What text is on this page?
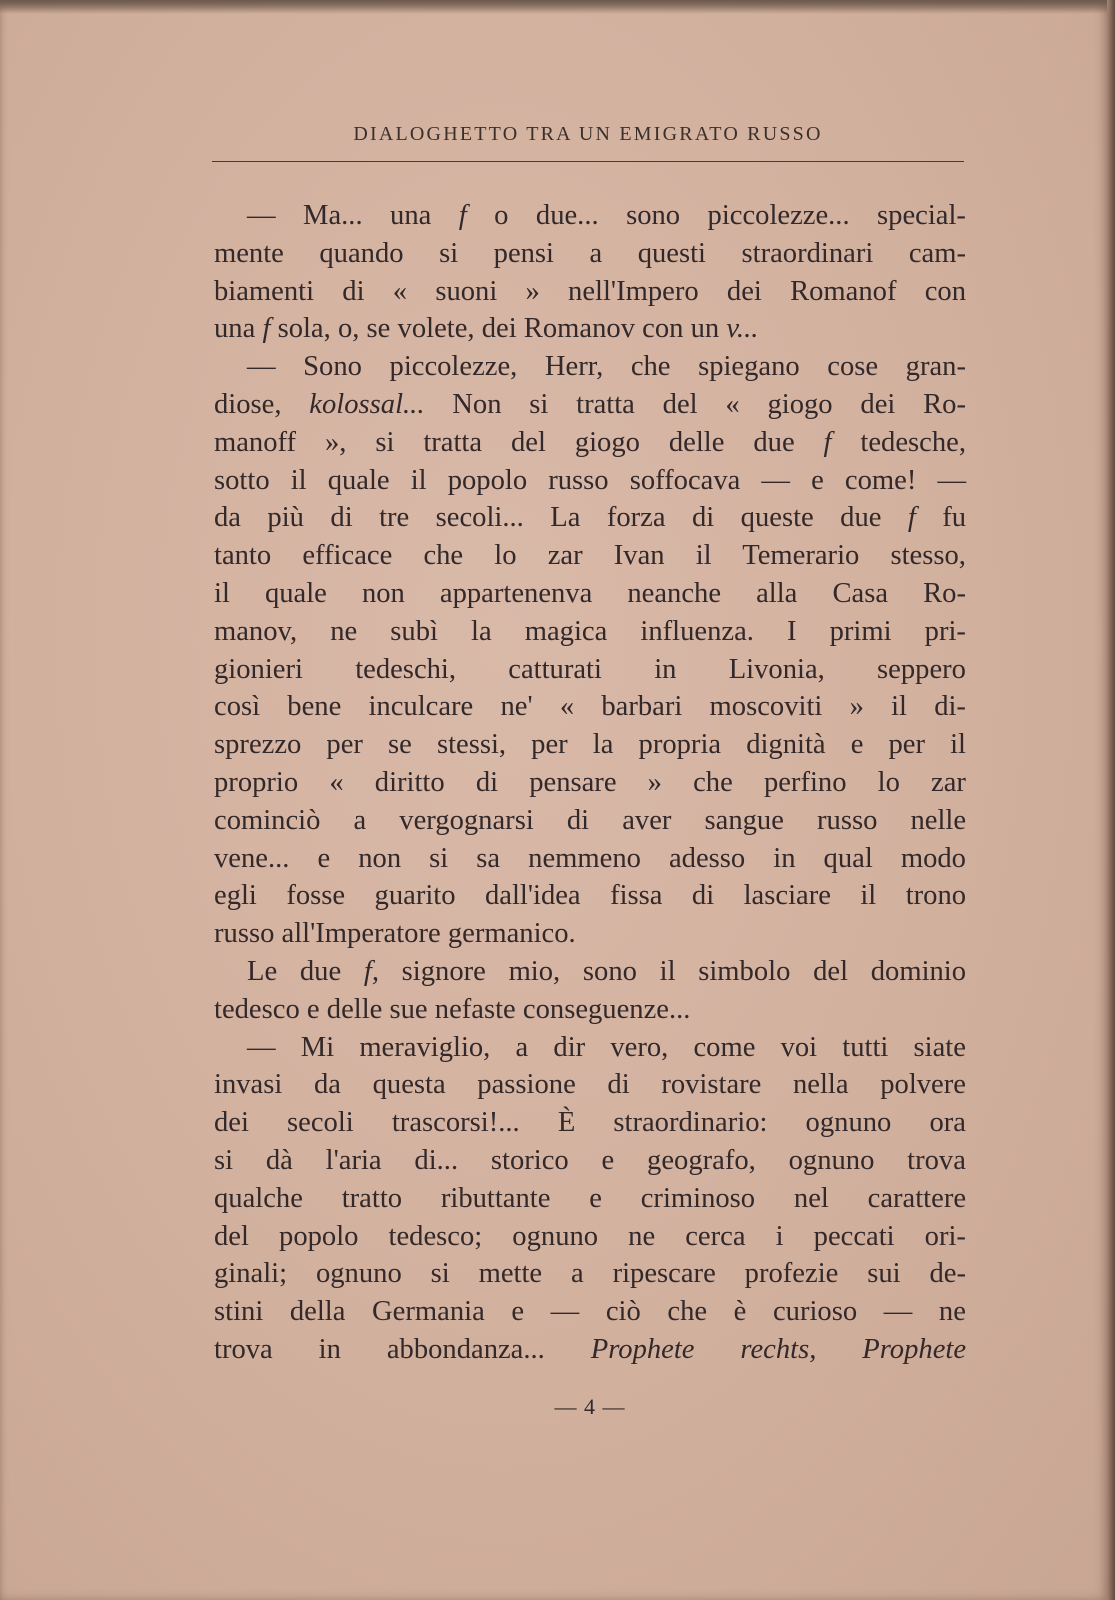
DIALOGHETTO TRA UN EMIGRATO RUSSO
— Ma... una f o due... sono piccolezze... special-
mente quando si pensi a questi straordinari cam-
biamenti di « suoni » nell'Impero dei Romanof con
una f sola, o, se volete, dei Romanov con un v...
— Sono piccolezze, Herr, che spiegano cose gran-
diose, kolossal... Non si tratta del « giogo dei Ro-
manoff », si tratta del giogo delle due f tedesche,
sotto il quale il popolo russo soffocava — e come! —
da più di tre secoli... La forza di queste due f fu
tanto efficace che lo zar Ivan il Temerario stesso,
il quale non appartenenva neanche alla Casa Ro-
manov, ne subì la magica influenza. I primi pri-
gionieri tedeschi, catturati in Livonia, seppero
così bene inculcare ne' « barbari moscoviti » il di-
sprezzo per se stessi, per la propria dignità e per il
proprio « diritto di pensare » che perfino lo zar
cominciò a vergognarsi di aver sangue russo nelle
vene... e non si sa nemmeno adesso in qual modo
egli fosse guarito dall'idea fissa di lasciare il trono
russo all'Imperatore germanico.
Le due f, signore mio, sono il simbolo del dominio
tedesco e delle sue nefaste conseguenze...
— Mi meraviglio, a dir vero, come voi tutti siate
invasi da questa passione di rovistare nella polvere
dei secoli trascorsi!... È straordinario: ognuno ora
si dà l'aria di... storico e geografo, ognuno trova
qualche tratto ributtante e criminoso nel carattere
del popolo tedesco; ognuno ne cerca i peccati ori-
ginali; ognuno si mette a ripescare profezie sui de-
stini della Germania e — ciò che è curioso — ne
trova in abbondanza... Prophete rechts, Prophete
— 4 —
